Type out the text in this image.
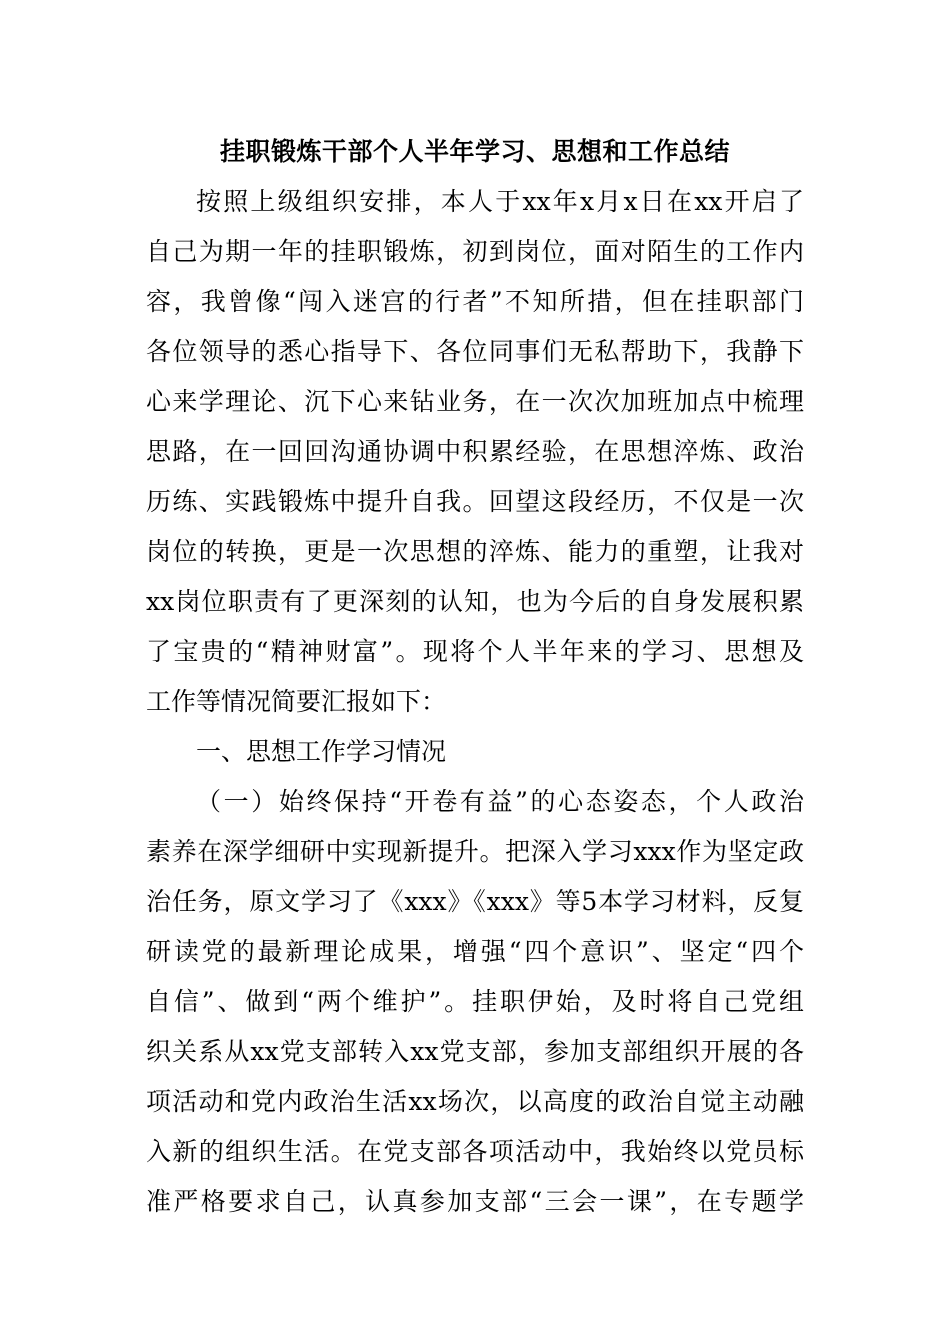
挂职锻炼干部个人半年学习、思想和工作总结
按照上级组织安排，本人于xx年x月x日在xx开启了
自己为期一年的挂职锻炼，初到岗位，面对陌生的工作内
容，我曾像“闯入迷宫的行者”不知所措，但在挂职部门
各位领导的悉心指导下、各位同事们无私帮助下，我静下
心来学理论、沉下心来钻业务，在一次次加班加点中梳理
思路，在一回回沟通协调中积累经验，在思想淬炼、政治
历练、实践锻炼中提升自我。回望这段经历，不仅是一次
岗位的转换，更是一次思想的淬炼、能力的重塑，让我对
xx岗位职责有了更深刻的认知，也为今后的自身发展积累
了宝贵的“精神财富”。现将个人半年来的学习、思想及
工作等情况简要汇报如下：
一、思想工作学习情况
（一）始终保持“开卷有益”的心态姿态，个人政治
素养在深学细研中实现新提升。把深入学习xxx作为坚定政
治任务，原文学习了《xxx》《xxx》等5本学习材料，反复
研读党的最新理论成果，增强“四个意识”、坚定“四个
自信”、做到“两个维护”。挂职伊始，及时将自己党组
织关系从xx党支部转入xx党支部，参加支部组织开展的各
项活动和党内政治生活xx场次，以高度的政治自觉主动融
入新的组织生活。在党支部各项活动中，我始终以党员标
准严格要求自己，认真参加支部“三会一课”，在专题学
